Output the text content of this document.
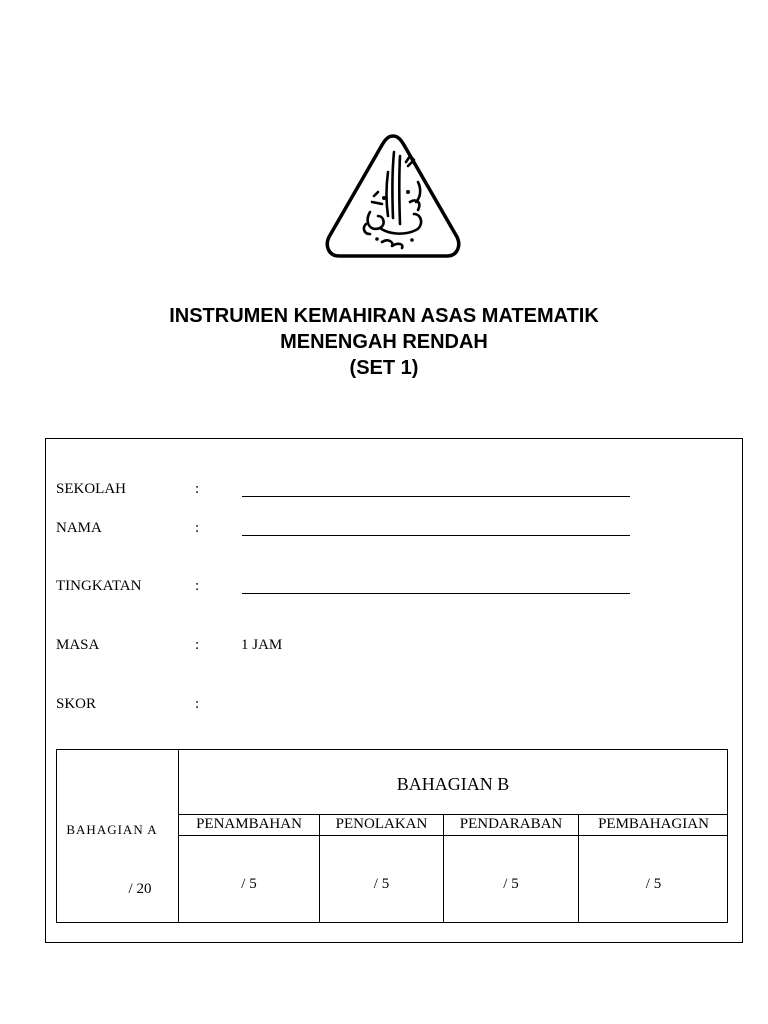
INSTRUMEN KEMAHIRAN ASAS MATEMATIK
MENENGAH RENDAH
(SET 1)
SEKOLAH	:
NAMA	:
TINGKATAN	:
MASA	:	1 JAM
SKOR	:
BAHAGIAN A
/ 20
BAHAGIAN B
PENAMBAHAN	PENOLAKAN	PENDARABAN	PEMBAHAGIAN
/ 5	/ 5	/ 5	/ 5
